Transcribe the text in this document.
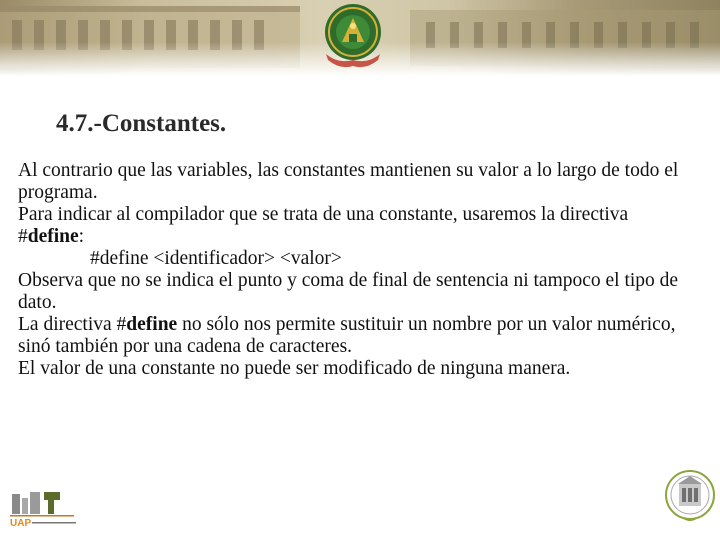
4.7.-Constantes.

Al contrario que las variables, las constantes mantienen su valor a lo largo de todo el programa.

Para indicar al compilador que se trata de una constante, usaremos la directiva #define:

#define <identificador> <valor>

Observa que no se indica el punto y coma de final de sentencia ni tampoco el tipo de dato.

La directiva #define no sólo nos permite sustituir un nombre por un valor numérico, sinó también por una cadena de caracteres.

El valor de una constante no puede ser modificado de ninguna manera.

UAP
